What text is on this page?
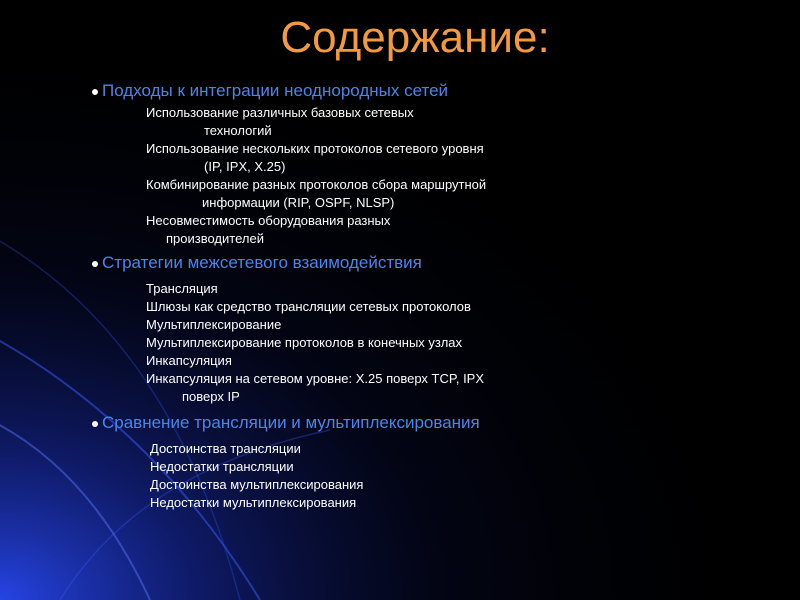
Содержание:
Подходы к интеграции неоднородных сетей
Использование различных базовых сетевых
технологий
Использование нескольких протоколов сетевого уровня
(IP, IPX, X.25)
Комбинирование разных протоколов сбора маршрутной
информации (RIP, OSPF, NLSP)
Несовместимость оборудования разных
производителей
Стратегии межсетевого взаимодействия
Трансляция
Шлюзы как средство трансляции сетевых протоколов
Мультиплексирование
Мультиплексирование протоколов в конечных узлах
Инкапсуляция
Инкапсуляция на сетевом уровне: X.25 поверх TCP, IPX
поверх IP
Сравнение трансляции и мультиплексирования
Достоинства трансляции
Недостатки трансляции
Достоинства мультиплексирования
Недостатки мультиплексирования
